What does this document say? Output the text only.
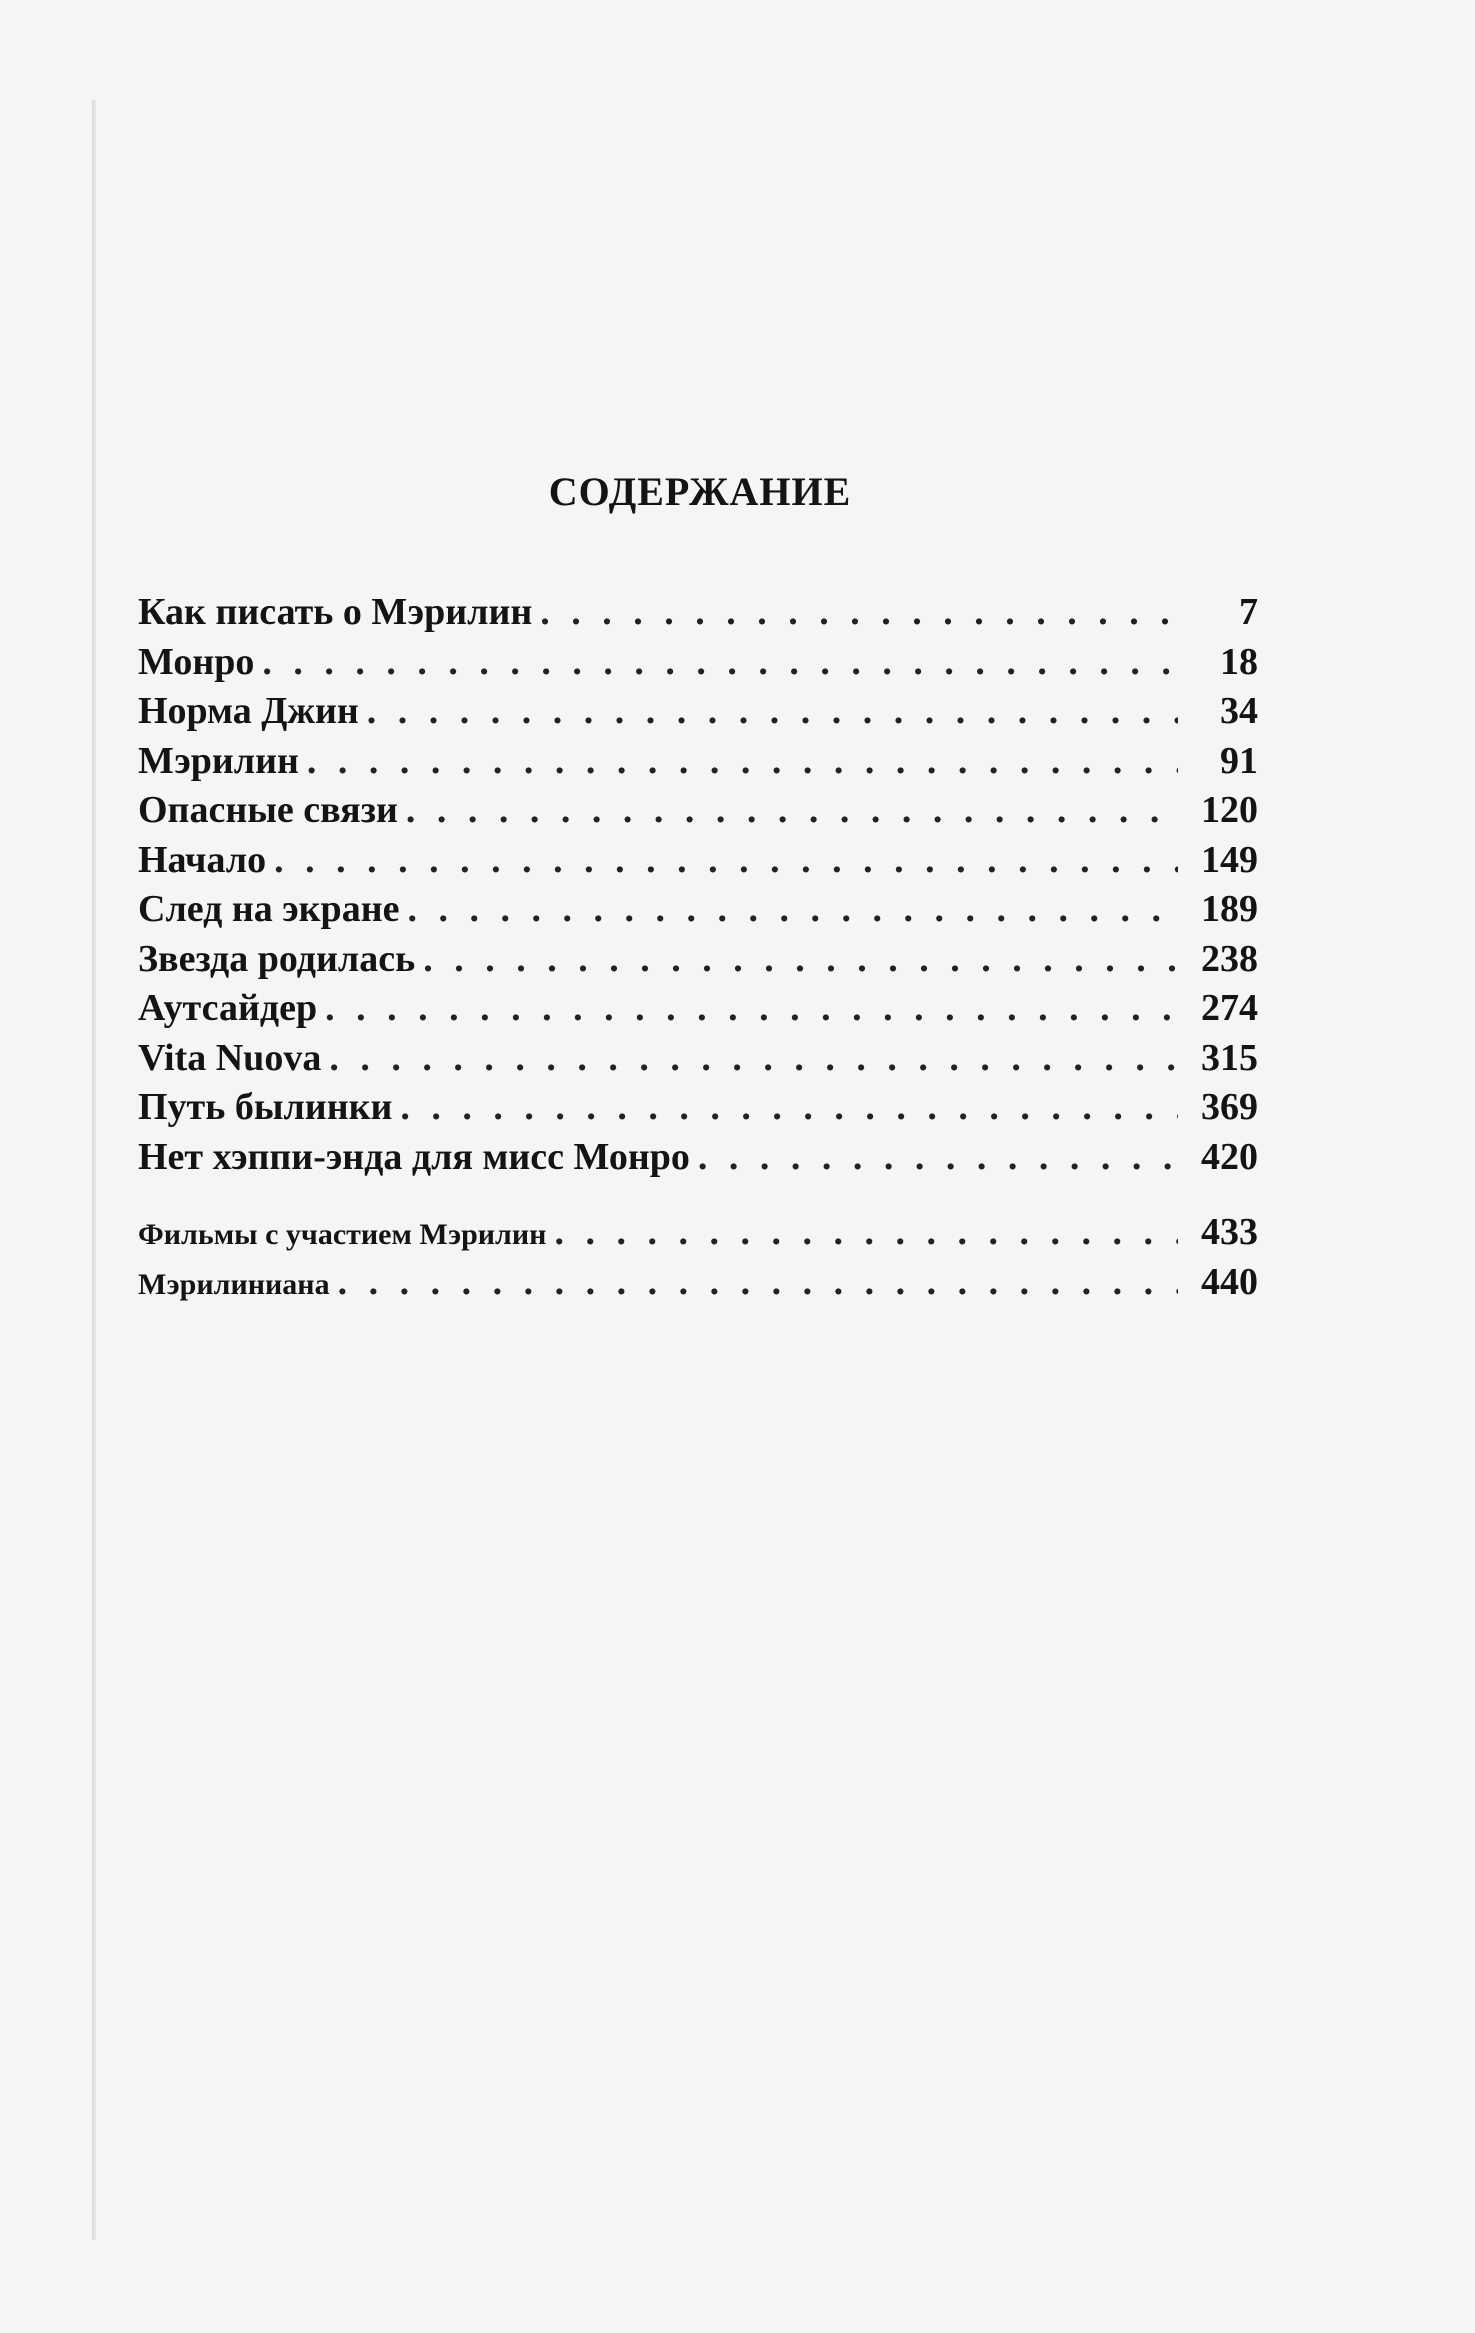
СОДЕРЖАНИЕ
Как писать о Мэрилин . . .	7
Монро . . .	18
Норма Джин . . .	34
Мэрилин . . .	91
Опасные связи . . .	120
Начало . . .	149
След на экране . . .	189
Звезда родилась . . .	238
Аутсайдер . . .	274
Vita Nuova . . .	315
Путь былинки . . .	369
Нет хэппи-энда для мисс Монро . . .	420
Фильмы с участием Мэрилин . . .	433
Мэрилиниана . . .	440
